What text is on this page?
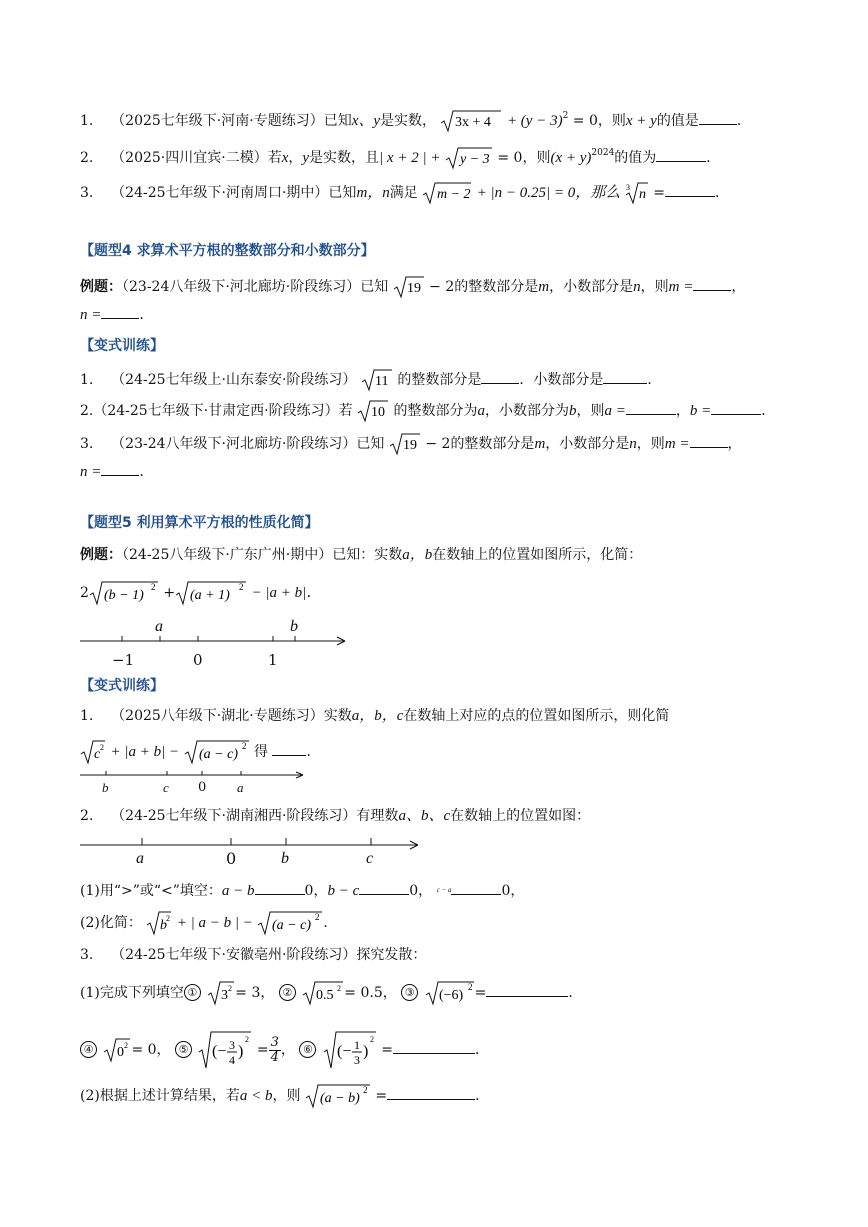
1. （2025七年级下·河南·专题练习）已知x、y是实数， $3x + 4 + (y - 3)^2 = 0$，则x + y的值是	．
2. （2025·四川宜宾·二模）若x，y是实数，且| x + 2 | + y − 3 = 0，则$(x + y)^{2024}$的值为	．
3. （24-25七年级下·河南周口·期中）已知m，n满足 m − 2 + |n − 0.25| = 0，那么 3 n =	．
【题型4 求算术平方根的整数部分和小数部分】
例题：（23-24八年级下·河北廊坊·阶段练习）已知 19 − 2的整数部分是m，小数部分是n，则m =	，
n =	．
【变式训练】
1. （24-25七年级上·山东泰安·阶段练习） 11 的整数部分是	．小数部分是	．
2.（24-25七年级下·甘肃定西·阶段练习）若 10 的整数部分为a，小数部分为b，则a =	，b =	．
3. （23-24八年级下·河北廊坊·阶段练习）已知 19 − 2的整数部分是m，小数部分是n，则m =	，
n =	．
【题型5 利用算术平方根的性质化简】
例题：（24-25八年级下·广东广州·期中）已知：实数a，b在数轴上的位置如图所示，化简：
2 (b − 1)
2 + (a + 1)
2 − |a + b|．
−1	0	1
a	b
【变式训练】
1. （2025八年级下·湖北·专题练习）实数a，b，c在数轴上对应的点的位置如图所示，则化简
c 2 + |a + b| − (a − c)
2 得	．
b	c 0 a
2. （24-25七年级下·湖南湘西·阶段练习）有理数a、b、c在数轴上的位置如图：
a	0	b	c
(1)用“>”或“<”填空：a − b	0，b − c	0， $^{c - a}$	0，
(2)化简： b 2 + | a − b | − (a − c)
2 ．
3. （24-25七年级下·安徽亳州·阶段练习）探究发散：
(1)完成下列填空 ① 3 2 = 3， ② 0.5 2 = 0.5， ③ (−6)
2 =	．
④ 0 2 = 0， ⑤ (− 3
4 )
2
= $\frac{3}{4}$ ， ⑥ (− 1
3 )
2
=	．
(2)根据上述计算结果，若a < b，则 (a − b)
2 =	．
